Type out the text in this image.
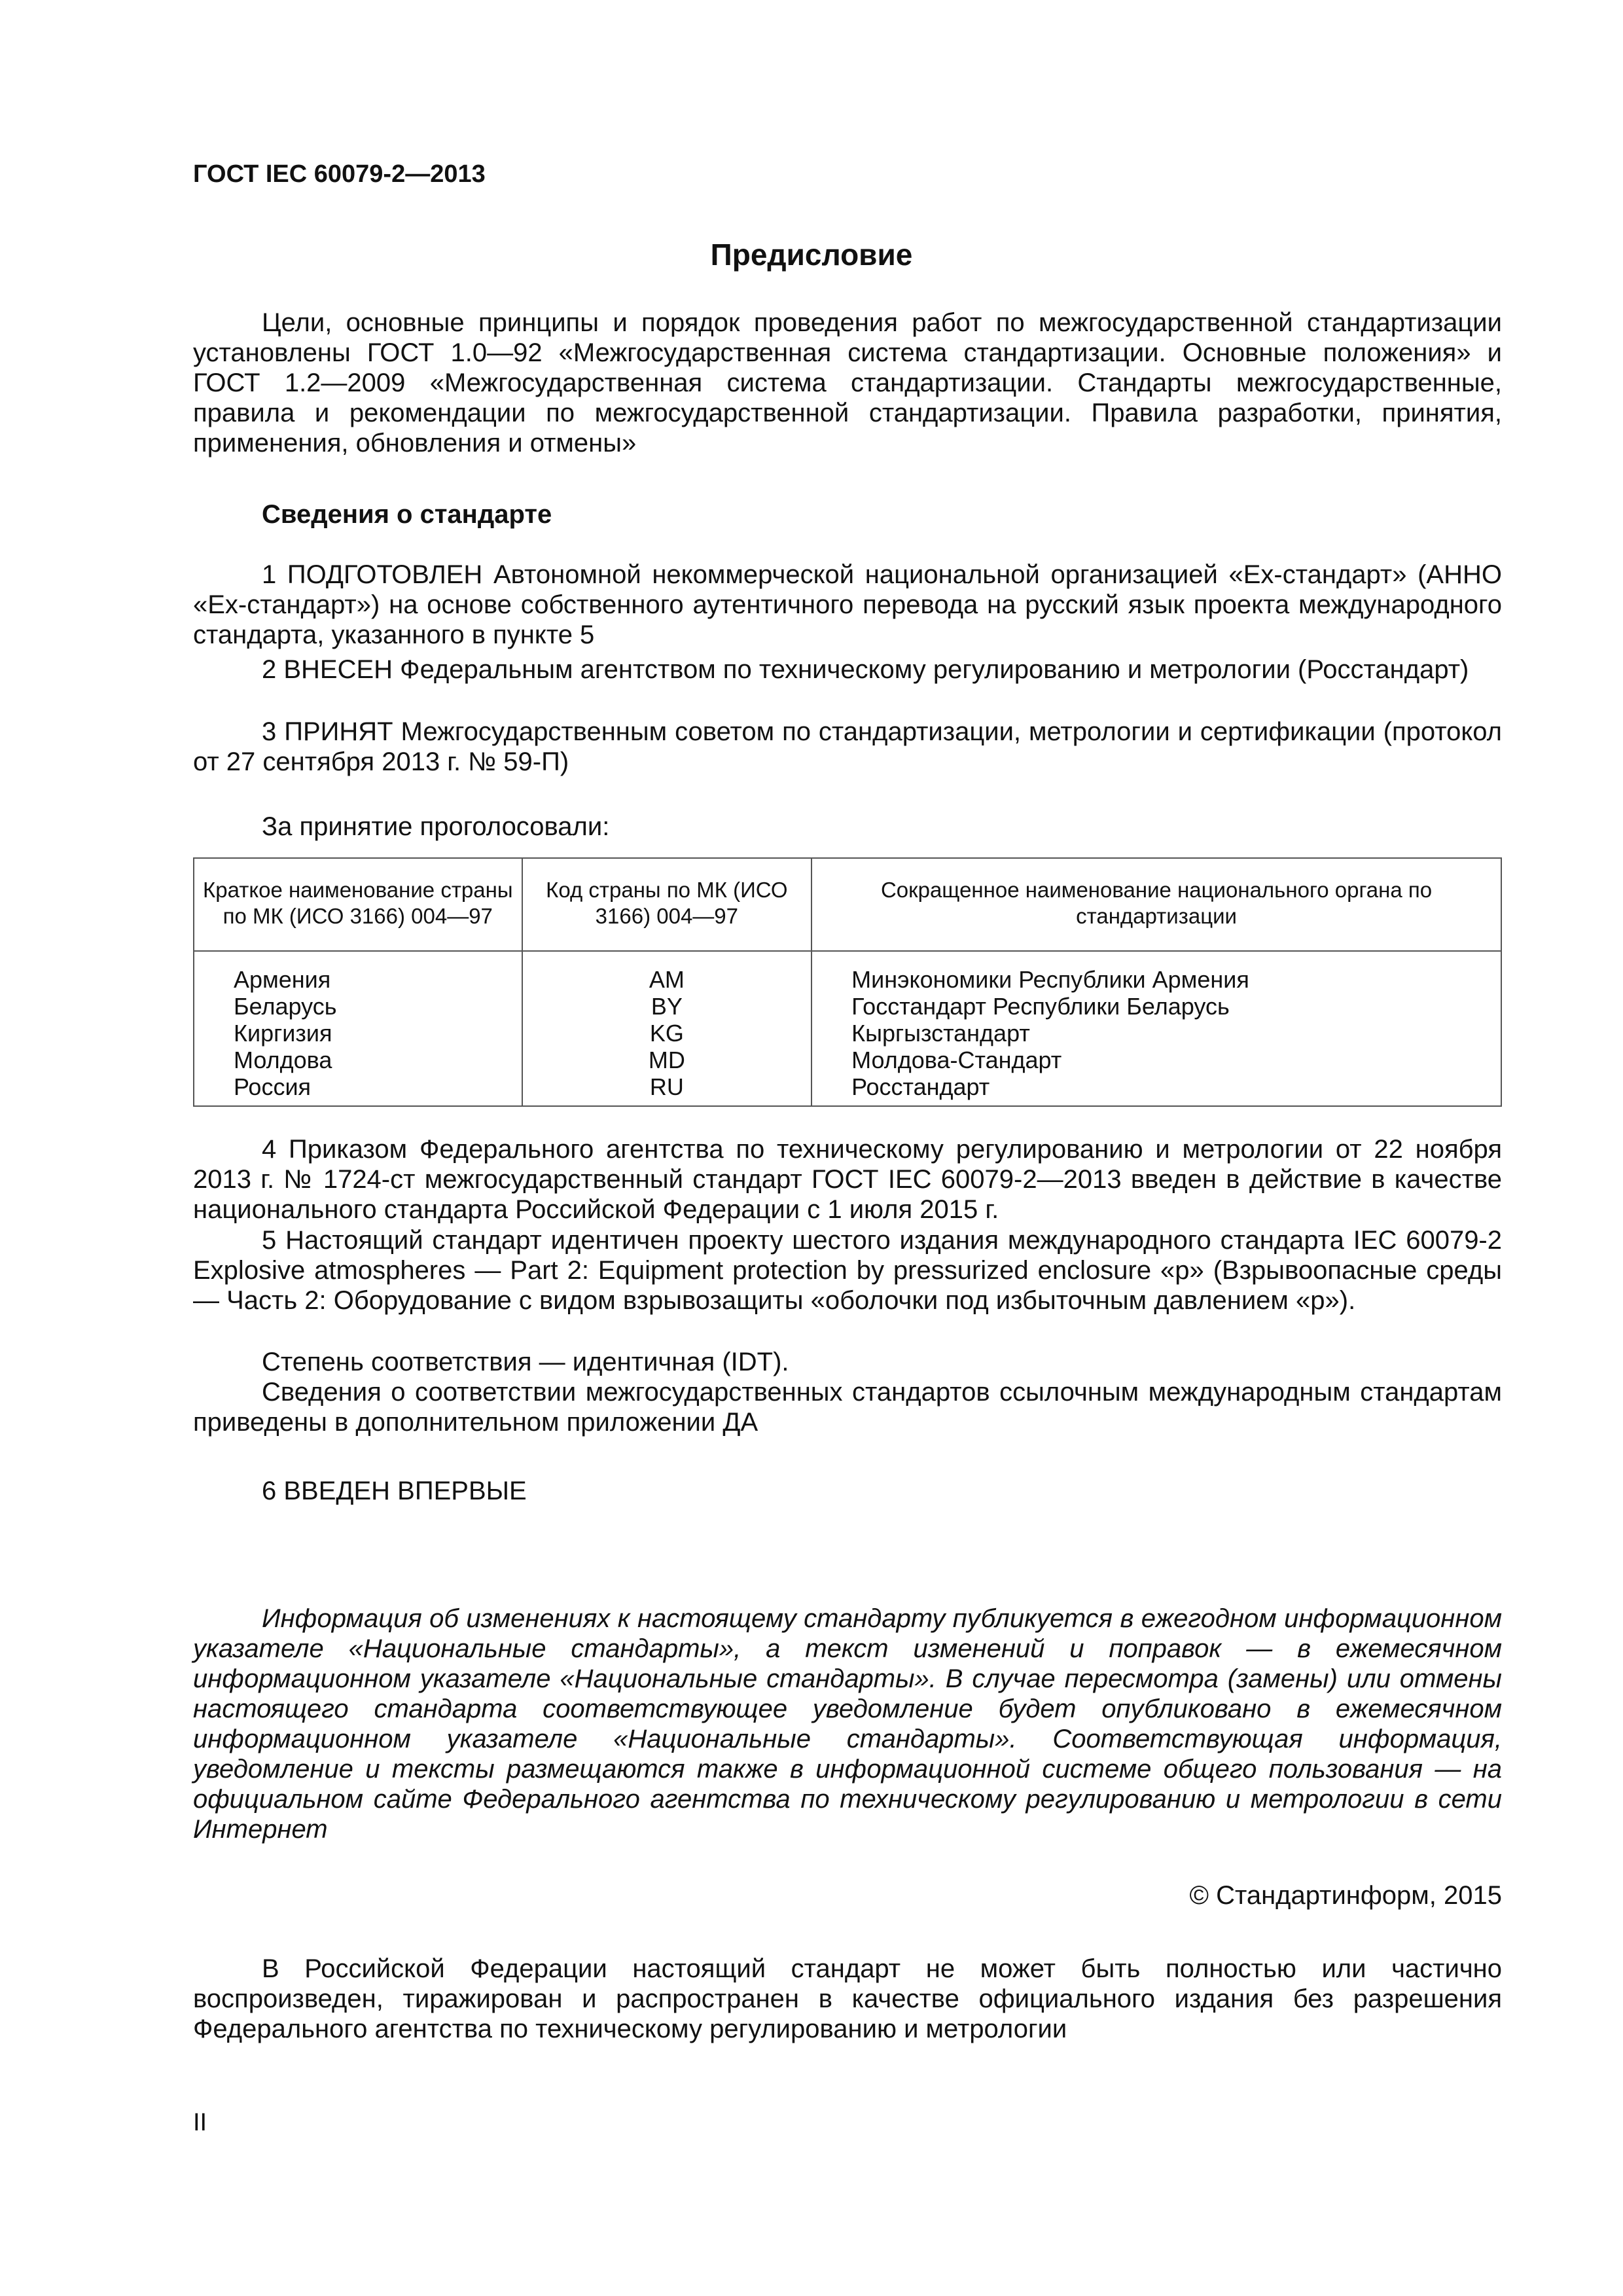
ГОСТ IEC 60079-2—2013
Предисловие

Цели, основные принципы и порядок проведения работ по межгосударственной стандартизации установлены ГОСТ 1.0—92 «Межгосударственная система стандартизации. Основные положения» и ГОСТ 1.2—2009 «Межгосударственная система стандартизации. Стандарты межгосударственные, правила и рекомендации по межгосударственной стандартизации. Правила разработки, принятия, применения, обновления и отмены»

Сведения о стандарте

1 ПОДГОТОВЛЕН Автономной некоммерческой национальной организацией «Ех-стандарт» (АННО «Ех-стандарт») на основе собственного аутентичного перевода на русский язык проекта международного стандарта, указанного в пункте 5

2 ВНЕСЕН Федеральным агентством по техническому регулированию и метрологии (Росстандарт)

3 ПРИНЯТ Межгосударственным советом по стандартизации, метрологии и сертификации (протокол от 27 сентября 2013 г. № 59-П)

За принятие проголосовали:

Краткое наименование страны по МК (ИСО 3166) 004—97	Код страны по МК (ИСО 3166) 004—97	Сокращенное наименование национального органа по стандартизации
Армения	AM	Минэкономики Республики Армения
Беларусь	BY	Госстандарт Республики Беларусь
Киргизия	KG	Кыргызстандарт
Молдова	MD	Молдова-Стандарт
Россия	RU	Росстандарт

4 Приказом Федерального агентства по техническому регулированию и метрологии от 22 ноября 2013 г. № 1724-ст межгосударственный стандарт ГОСТ IEC 60079-2—2013 введен в действие в качестве национального стандарта Российской Федерации с 1 июля 2015 г.

5 Настоящий стандарт идентичен проекту шестого издания международного стандарта IEC 60079-2 Explosive atmospheres — Part 2: Equipment protection by pressurized enclosure «р» (Взрывоопасные среды — Часть 2: Оборудование с видом взрывозащиты «оболочки под избыточным давлением «р»).

Степень соответствия — идентичная (IDT).

Сведения о соответствии межгосударственных стандартов ссылочным международным стандартам приведены в дополнительном приложении ДА

6 ВВЕДЕН ВПЕРВЫЕ

Информация об изменениях к настоящему стандарту публикуется в ежегодном информационном указателе «Национальные стандарты», а текст изменений и поправок — в ежемесячном информационном указателе «Национальные стандарты». В случае пересмотра (замены) или отмены настоящего стандарта соответствующее уведомление будет опубликовано в ежемесячном информационном указателе «Национальные стандарты». Соответствующая информация, уведомление и тексты размещаются также в информационной системе общего пользования — на официальном сайте Федерального агентства по техническому регулированию и метрологии в сети Интернет

© Стандартинформ, 2015

В Российской Федерации настоящий стандарт не может быть полностью или частично воспроизведен, тиражирован и распространен в качестве официального издания без разрешения Федерального агентства по техническому регулированию и метрологии

II
